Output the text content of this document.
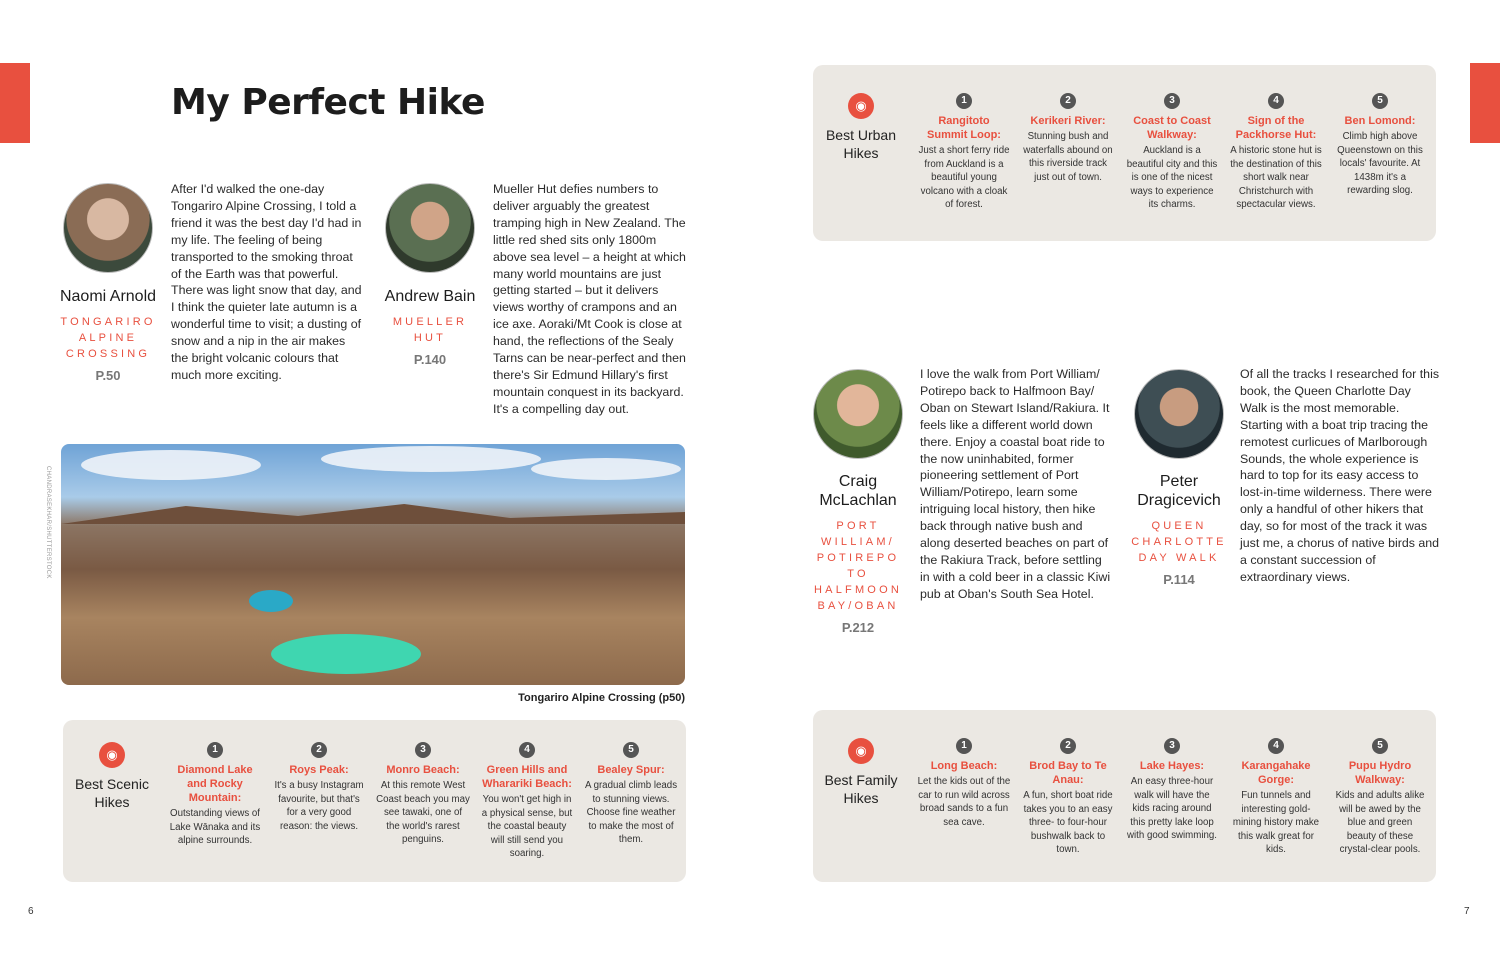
My Perfect Hike
Naomi Arnold
TONGARIRO ALPINE CROSSING
P.50

After I'd walked the one-day Tongariro Alpine Crossing, I told a friend it was the best day I'd had in my life. The feeling of being transported to the smoking throat of the Earth was that powerful. There was light snow that day, and I think the quieter late autumn is a wonderful time to visit; a dusting of snow and a nip in the air makes the bright volcanic colours that much more exciting.

Andrew Bain
MUELLER HUT
P.140

Mueller Hut defies numbers to deliver arguably the greatest tramping high in New Zealand. The little red shed sits only 1800m above sea level – a height at which many world mountains are just getting started – but it delivers views worthy of crampons and an ice axe. Aoraki/Mt Cook is close at hand, the reflections of the Sealy Tarns can be near-perfect and then there's Sir Edmund Hillary's first mountain conquest in its backyard. It's a compelling day out.

CHANDRASEKHAR/SHUTTERSTOCK
Tongariro Alpine Crossing (p50)
◉
Best Scenic Hikes
1
Diamond Lake and Rocky Mountain:
Outstanding views of Lake Wānaka and its alpine surrounds.
2
Roys Peak:
It's a busy Instagram favourite, but that's for a very good reason: the views.
3
Monro Beach:
At this remote West Coast beach you may see tawaki, one of the world's rarest penguins.
4
Green Hills and Wharariki Beach:
You won't get high in a physical sense, but the coastal beauty will still send you soaring.
5
Bealey Spur:
A gradual climb leads to stunning views. Choose fine weather to make the most of them.
◉
Best Urban Hikes
1
Rangitoto Summit Loop:
Just a short ferry ride from Auckland is a beautiful young volcano with a cloak of forest.
2
Kerikeri River:
Stunning bush and waterfalls abound on this riverside track just out of town.
3
Coast to Coast Walkway:
Auckland is a beautiful city and this is one of the nicest ways to experience its charms.
4
Sign of the Packhorse Hut:
A historic stone hut is the destination of this short walk near Christchurch with spectacular views.
5
Ben Lomond:
Climb high above Queenstown on this locals' favourite. At 1438m it's a rewarding slog.
Craig McLachlan
PORT WILLIAM/ POTIREPO TO HALFMOON BAY/OBAN
P.212

I love the walk from Port William/ Potirepo back to Halfmoon Bay/ Oban on Stewart Island/Rakiura. It feels like a different world down there. Enjoy a coastal boat ride to the now uninhabited, former pioneering settlement of Port William/Potirepo, learn some intriguing local history, then hike back through native bush and along deserted beaches on part of the Rakiura Track, before settling in with a cold beer in a classic Kiwi pub at Oban's South Sea Hotel.

Peter Dragicevich
QUEEN CHARLOTTE DAY WALK
P.114

Of all the tracks I researched for this book, the Queen Charlotte Day Walk is the most memorable. Starting with a boat trip tracing the remotest curlicues of Marlborough Sounds, the whole experience is hard to top for its easy access to lost-in-time wilderness. There were only a handful of other hikers that day, so for most of the track it was just me, a chorus of native birds and a constant succession of extraordinary views.

◉
Best Family Hikes
1
Long Beach:
Let the kids out of the car to run wild across broad sands to a fun sea cave.
2
Brod Bay to Te Anau:
A fun, short boat ride takes you to an easy three- to four-hour bushwalk back to town.
3
Lake Hayes:
An easy three-hour walk will have the kids racing around this pretty lake loop with good swimming.
4
Karangahake Gorge:
Fun tunnels and interesting gold-mining history make this walk great for kids.
5
Pupu Hydro Walkway:
Kids and adults alike will be awed by the blue and green beauty of these crystal-clear pools.
6	7
